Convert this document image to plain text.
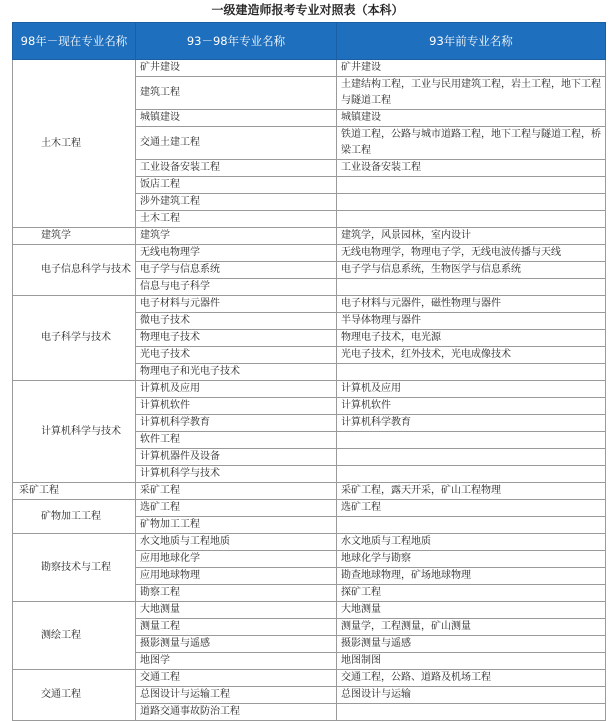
一级建造师报考专业对照表（本科）
98年－现在专业名称	93－98年专业名称	93年前专业名称
土木工程	矿井建设	矿井建设
	建筑工程	土建结构工程，工业与民用建筑工程，岩土工程，地下工程与隧道工程
	城镇建设	城镇建设
	交通土建工程	铁道工程，公路与城市道路工程，地下工程与隧道工程，桥梁工程
	工业设备安装工程	工业设备安装工程
	饭店工程	
	涉外建筑工程	
	土木工程	
建筑学	建筑学	建筑学，风景园林，室内设计
电子信息科学与技术	无线电物理学	无线电物理学，物理电子学，无线电波传播与天线
	电子学与信息系统	电子学与信息系统，生物医学与信息系统
	信息与电子科学	
电子科学与技术	电子材料与元器件	电子材料与元器件，磁性物理与器件
	微电子技术	半导体物理与器件
	物理电子技术	物理电子技术，电光源
	光电子技术	光电子技术，红外技术，光电成像技术
	物理电子和光电子技术	
计算机科学与技术	计算机及应用	计算机及应用
	计算机软件	计算机软件
	计算机科学教育	计算机科学教育
	软件工程	
	计算机器件及设备	
	计算机科学与技术	
采矿工程	采矿工程	采矿工程，露天开采，矿山工程物理
矿物加工工程	选矿工程	选矿工程
	矿物加工工程	
勘察技术与工程	水文地质与工程地质	水文地质与工程地质
	应用地球化学	地球化学与勘察
	应用地球物理	勘查地球物理，矿场地球物理
	勘察工程	探矿工程
测绘工程	大地测量	大地测量
	测量工程	测量学，工程测量，矿山测量
	摄影测量与遥感	摄影测量与遥感
	地图学	地图制图
交通工程	交通工程	交通工程，公路、道路及机场工程
	总图设计与运输工程	总图设计与运输
	道路交通事故防治工程	
